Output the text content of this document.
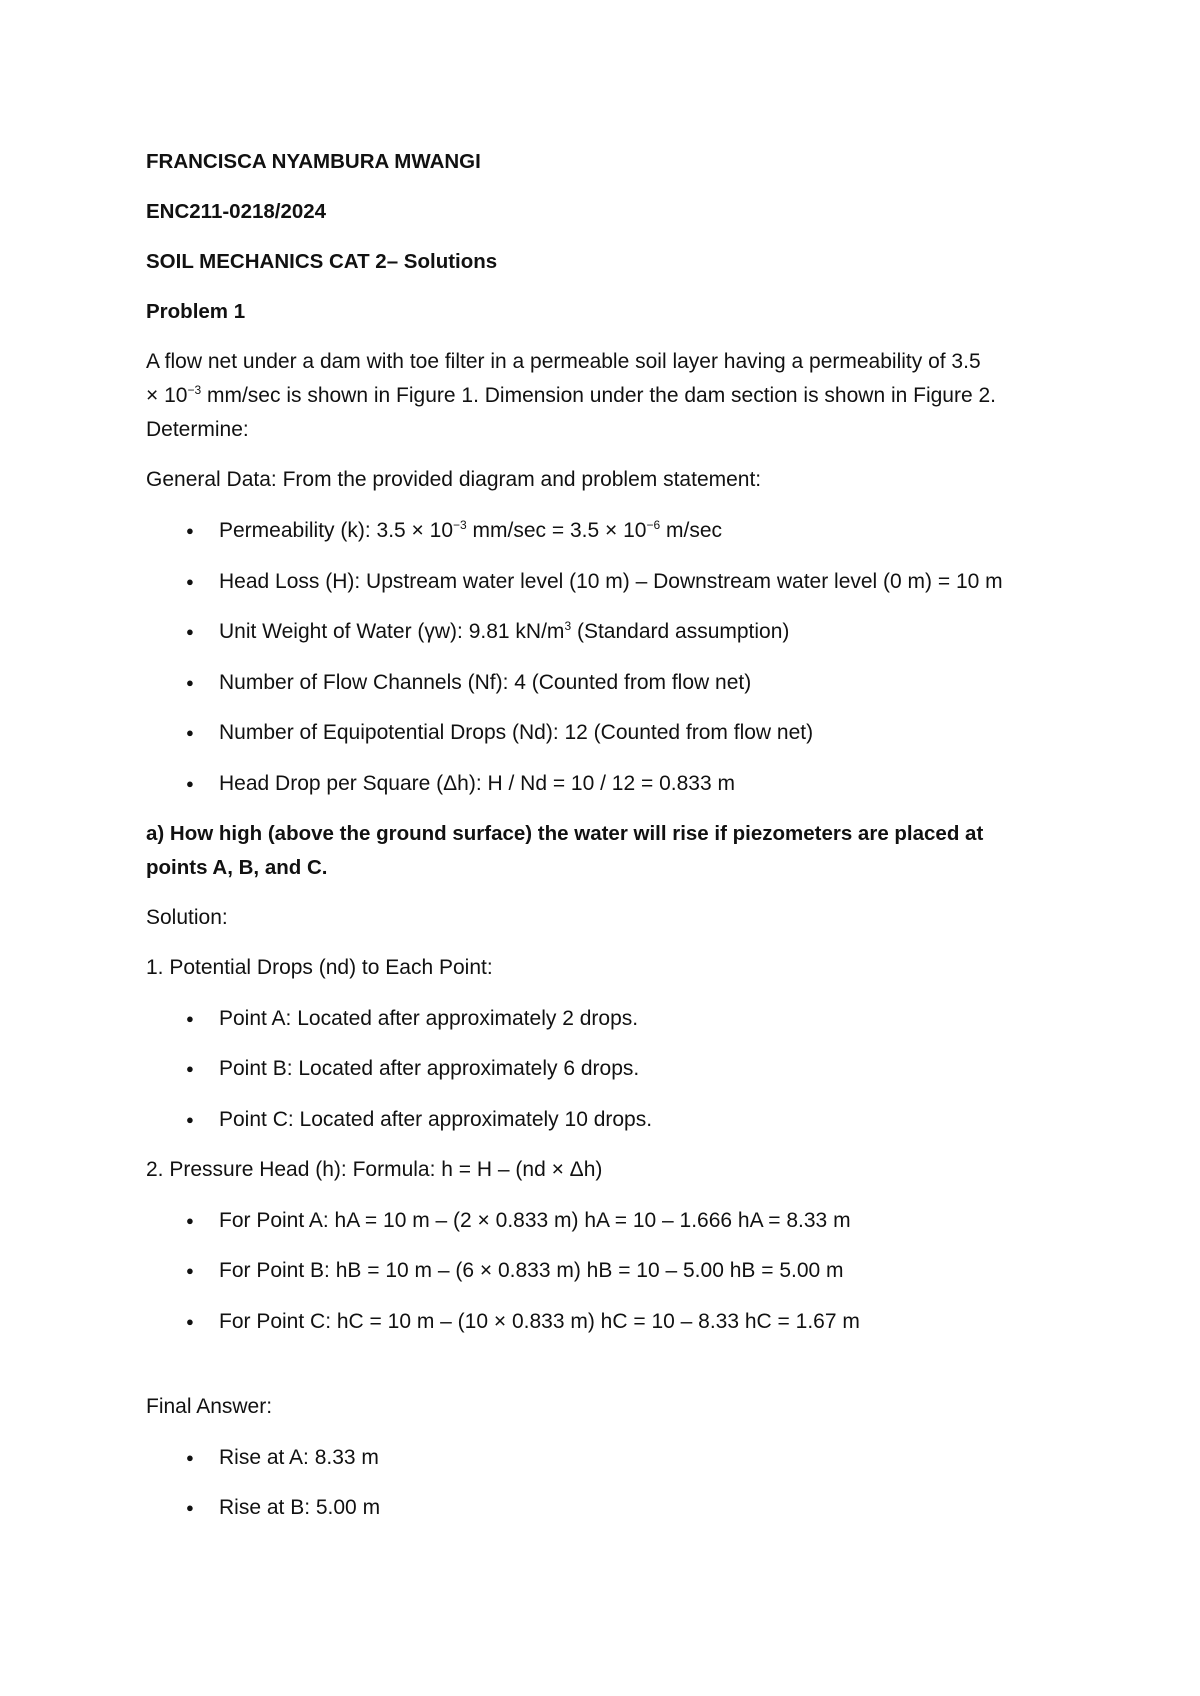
FRANCISCA NYAMBURA MWANGI
ENC211-0218/2024
SOIL MECHANICS CAT 2– Solutions
Problem 1
A flow net under a dam with toe filter in a permeable soil layer having a permeability of 3.5
× $10^{-3}$ mm/sec is shown in Figure 1. Dimension under the dam section is shown in Figure 2.
Determine:
General Data: From the provided diagram and problem statement:
● Permeability (k): $3.5 \times 10^{-3}$ $mm/\sec = 3.5 \times 10^{-6}$ m/sec
● Head Loss (H): Upstream water level (10 m) – Downstream water level (0 m) = 10 m
● Unit Weight of Water (γw): 9.81 $kN/m^3$ (Standard assumption)
● Number of Flow Channels (Nf): 4 (Counted from flow net)
● Number of Equipotential Drops (Nd): 12 (Counted from flow net)
● Head Drop per Square (Δh): H / Nd = 10 / 12 = 0.833 m
a) How high (above the ground surface) the water will rise if piezometers are placed at
points A, B, and C.
Solution:
1. Potential Drops (nd) to Each Point:
● Point A: Located after approximately 2 drops.
● Point B: Located after approximately 6 drops.
● Point C: Located after approximately 10 drops.
2. Pressure Head (h): Formula: h = H – (nd × Δh)
● For Point A: hA = 10 m – (2 × 0.833 m) hA = 10 – 1.666 hA = 8.33 m
● For Point B: hB = 10 m – (6 × 0.833 m) hB = 10 – 5.00 hB = 5.00 m
● For Point C: hC = 10 m – (10 × 0.833 m) hC = 10 – 8.33 hC = 1.67 m
Final Answer:
● Rise at A: 8.33 m
● Rise at B: 5.00 m
